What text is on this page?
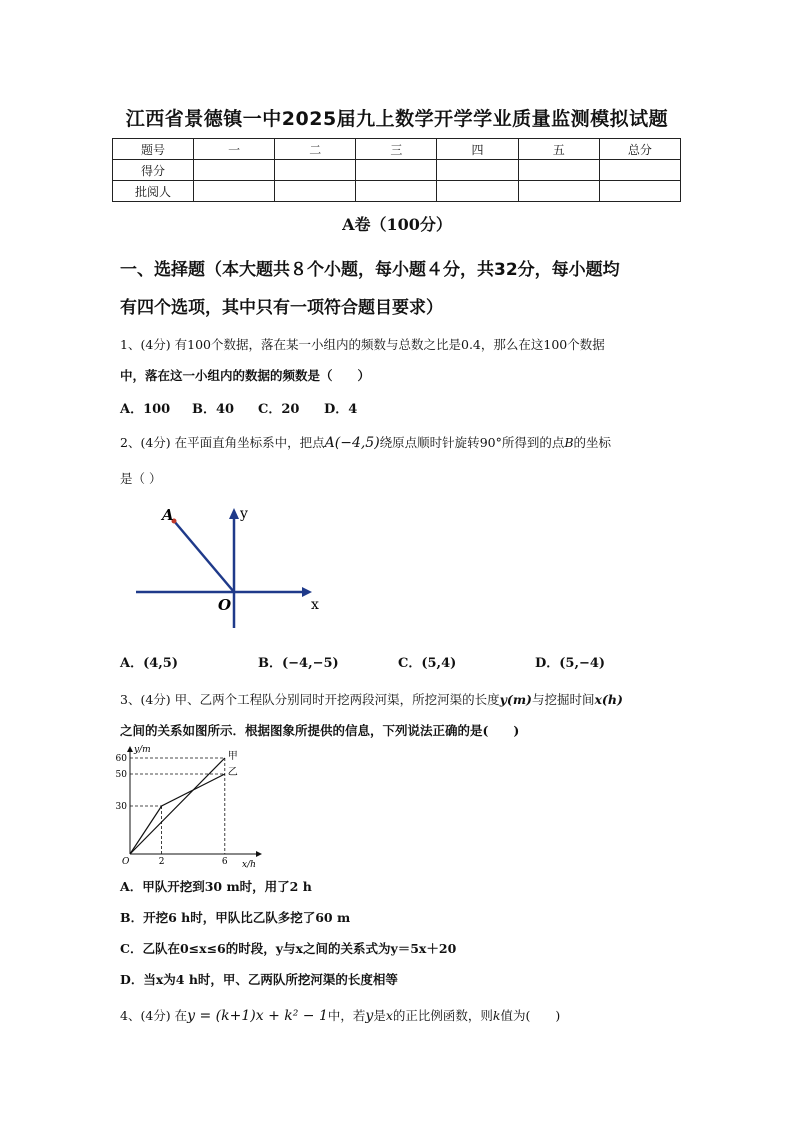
江西省景德镇一中2025届九上数学开学学业质量监测模拟试题
题号	一	二	三	四	五	总分
得分						
批阅人						
A卷（100分）
一、选择题（本大题共８个小题，每小题４分，共32分，每小题均
有四个选项，其中只有一项符合题目要求）
1、(4分) 有100个数据，落在某一小组内的频数与总数之比是0.4，那么在这100个数据
中，落在这一小组内的数据的频数是（　　）
A．100 B．40 C．20 D．4
2、(4分) 在平面直角坐标系中，把点A(−4,5)绕原点顺时针旋转90°所得到的点B的坐标
是（ ）
A	y
O	x
A．(4,5)	B．(−4,−5)	C．(5,4)	D．(5,−4)
3、(4分) 甲、乙两个工程队分别同时开挖两段河渠，所挖河渠的长度y(m)与挖掘时间x(h)
之间的关系如图所示．根据图象所提供的信息，下列说法正确的是(　　)
y/m
x/h
O
甲
乙
30
50
60
2	6
A．甲队开挖到30 m时，用了2 h
B．开挖6 h时，甲队比乙队多挖了60 m
C．乙队在0≤x≤6的时段，y与x之间的关系式为y＝5x＋20
D．当x为4 h时，甲、乙两队所挖河渠的长度相等
4、(4分) 在y = (k+1)x + k² − 1中，若y是x的正比例函数，则k值为(　　)
